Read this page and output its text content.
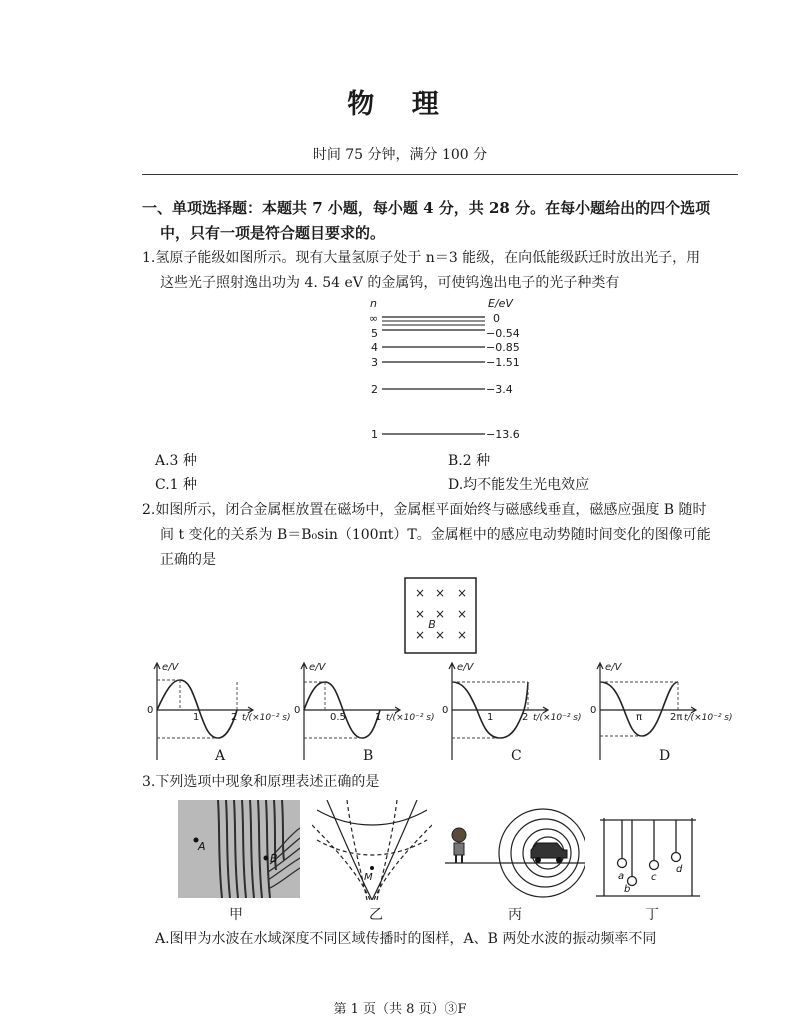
物 理
时间 75 分钟，满分 100 分
一、单项选择题：本题共 7 小题，每小题 4 分，共 28 分。在每小题给出的四个选项
中，只有一项是符合题目要求的。
1.氢原子能级如图所示。现有大量氢原子处于 n＝3 能级，在向低能级跃迁时放出光子，用
这些光子照射逸出功为 4. 54 eV 的金属钨，可使钨逸出电子的光子种类有
n	E/eV
∞	0
5	−0.54
4	−0.85
3	−1.51
2	−3.4
1	−13.6
A.3 种	B.2 种
C.1 种	D.均不能发生光电效应
2.如图所示，闭合金属框放置在磁场中，金属框平面始终与磁感线垂直，磁感应强度 B 随时
间 t 变化的关系为 B＝B₀sin（100πt）T。金属框中的感应电动势随时间变化的图像可能
正确的是
× × ×
× × ×
× × ×
B
e/V
0
1	2 t/(×10⁻² s)
A
e/V
0
0.5	1 t/(×10⁻² s)
B
e/V
0
1	2 t/(×10⁻² s)
C
e/V
0
π	2π t/(×10⁻² s)
D
3.下列选项中现象和原理表述正确的是
A
B
甲
M
乙	丙
a
b
c
d
丁
A.图甲为水波在水域深度不同区域传播时的图样，A、B 两处水波的振动频率不同
第 1 页（共 8 页）③F
